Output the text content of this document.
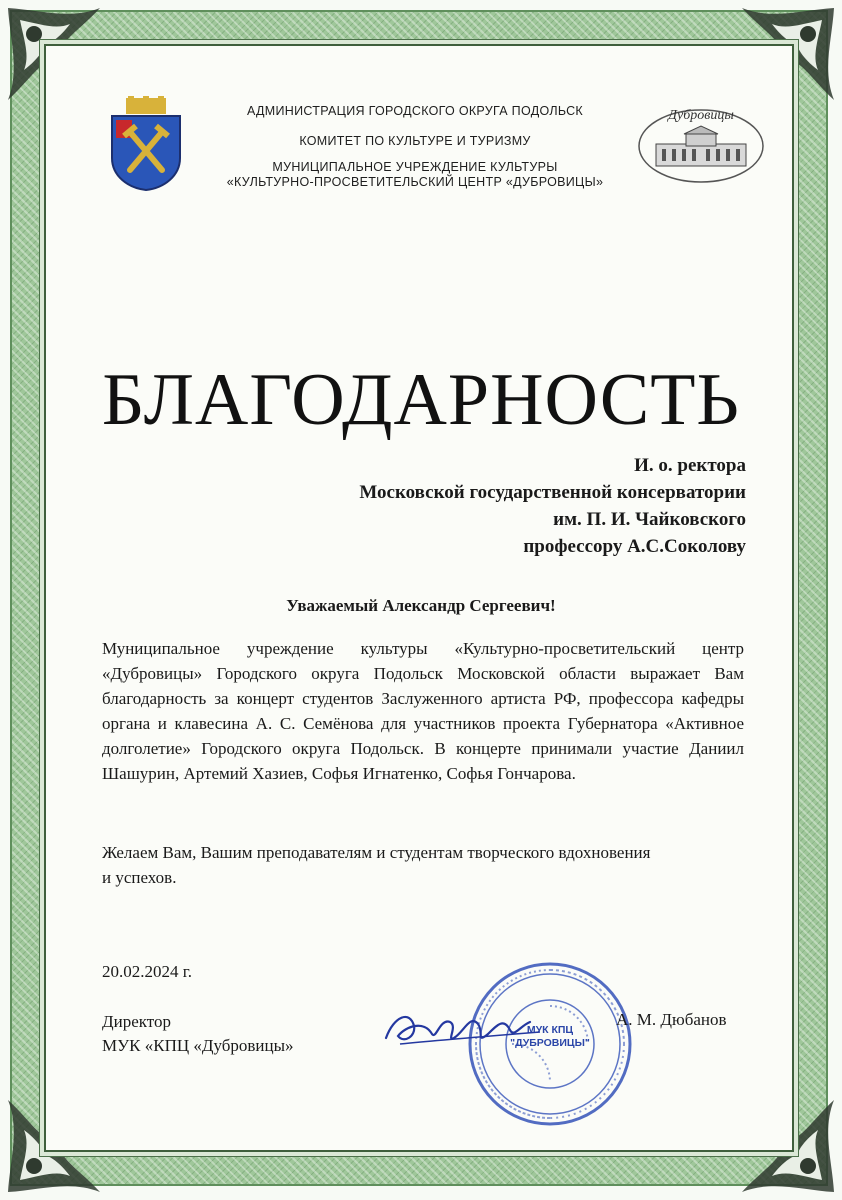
АДМИНИСТРАЦИЯ ГОРОДСКОГО ОКРУГА ПОДОЛЬСК
КОМИТЕТ ПО КУЛЬТУРЕ И ТУРИЗМУ
МУНИЦИПАЛЬНОЕ УЧРЕЖДЕНИЕ КУЛЬТУРЫ
«КУЛЬТУРНО-ПРОСВЕТИТЕЛЬСКИЙ ЦЕНТР «ДУБРОВИЦЫ»
Дубровицы
БЛАГОДАРНОСТЬ
И. о. ректора
Московской государственной консерватории
им. П. И. Чайковского
профессору А.С.Соколову
Уважаемый Александр Сергеевич!
Муниципальное учреждение культуры «Культурно-просветительский центр «Дубровицы» Городского округа Подольск Московской области выражает Вам благодарность за концерт студентов Заслуженного артиста РФ, профессора кафедры органа и клавесина А. С. Семёнова для участников проекта Губернатора «Активное долголетие» Городского округа Подольск. В концерте принимали участие Даниил Шашурин, Артемий Хазиев, Софья Игнатенко, Софья Гончарова.
Желаем Вам, Вашим преподавателям и студентам творческого вдохновения и успехов.
20.02.2024 г.
Директор
МУК «КПЦ «Дубровицы»
МУК КПЦ
"ДУБРОВИЦЫ"
А. М. Дюбанов
